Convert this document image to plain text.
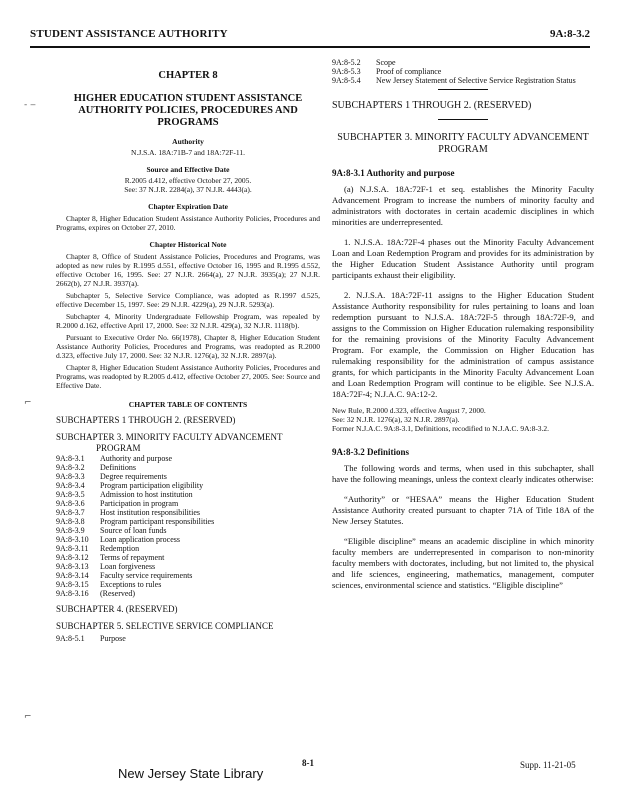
STUDENT ASSISTANCE AUTHORITY	9A:8-3.2
‑ ‒
⌐
⌐

CHAPTER 8

HIGHER EDUCATION STUDENT ASSISTANCE AUTHORITY POLICIES, PROCEDURES AND PROGRAMS

Authority

N.J.S.A. 18A:71B-7 and 18A:72F-11.

Source and Effective Date

R.2005 d.412, effective October 27, 2005.

See: 37 N.J.R. 2284(a), 37 N.J.R. 4443(a).

Chapter Expiration Date

Chapter 8, Higher Education Student Assistance Authority Policies, Procedures and Programs, expires on October 27, 2010.

Chapter Historical Note

Chapter 8, Office of Student Assistance Policies, Procedures and Programs, was adopted as new rules by R.1995 d.551, effective October 16, 1995 and R.1995 d.552, effective October 16, 1995. See: 27 N.J.R. 2664(a), 27 N.J.R. 3935(a); 27 N.J.R. 2662(b), 27 N.J.R. 3937(a).

Subchapter 5, Selective Service Compliance, was adopted as R.1997 d.525, effective December 15, 1997. See: 29 N.J.R. 4229(a), 29 N.J.R. 5293(a).

Subchapter 4, Minority Undergraduate Fellowship Program, was repealed by R.2000 d.162, effective April 17, 2000. See: 32 N.J.R. 429(a), 32 N.J.R. 1118(b).

Pursuant to Executive Order No. 66(1978), Chapter 8, Higher Education Student Assistance Authority Policies, Procedures and Programs, was readopted as R.2000 d.323, effective July 17, 2000. See: 32 N.J.R. 1276(a), 32 N.J.R. 2897(a).

Chapter 8, Higher Education Student Assistance Authority Policies, Procedures and Programs, was readopted by R.2005 d.412, effective October 27, 2005. See: Source and Effective Date.

CHAPTER TABLE OF CONTENTS

SUBCHAPTERS 1 THROUGH 2. (RESERVED)

SUBCHAPTER 3. MINORITY FACULTY ADVANCEMENT

PROGRAM

9A:8-3.1	Authority and purpose
9A:8-3.2	Definitions
9A:8-3.3	Degree requirements
9A:8-3.4	Program participation eligibility
9A:8-3.5	Admission to host institution
9A:8-3.6	Participation in program
9A:8-3.7	Host institution responsibilities
9A:8-3.8	Program participant responsibilities
9A:8-3.9	Source of loan funds
9A:8-3.10	Loan application process
9A:8-3.11	Redemption
9A:8-3.12	Terms of repayment
9A:8-3.13	Loan forgiveness
9A:8-3.14	Faculty service requirements
9A:8-3.15	Exceptions to rules
9A:8-3.16	(Reserved)

SUBCHAPTER 4. (RESERVED)

SUBCHAPTER 5. SELECTIVE SERVICE COMPLIANCE

9A:8-5.1	Purpose
9A:8-5.2	Scope
9A:8-5.3	Proof of compliance
9A:8-5.4	New Jersey Statement of Selective Service Registration Status

SUBCHAPTERS 1 THROUGH 2. (RESERVED)

SUBCHAPTER 3. MINORITY FACULTY ADVANCEMENT PROGRAM

9A:8-3.1 Authority and purpose

(a) N.J.S.A. 18A:72F-1 et seq. establishes the Minority Faculty Advancement Program to increase the numbers of minority faculty and administrators with doctorates in certain academic disciplines in which minorities are underrepresented.

1. N.J.S.A. 18A:72F-4 phases out the Minority Faculty Advancement Loan and Loan Redemption Program and provides for its administration by the Higher Education Student Assistance Authority until program participants exhaust their eligibility.

2. N.J.S.A. 18A:72F-11 assigns to the Higher Education Student Assistance Authority responsibility for rules pertaining to loans and loan redemption pursuant to N.J.S.A. 18A:72F-5 through 18A:72F-9, and assigns to the Commission on Higher Education rulemaking responsibility for the remaining provisions of the Minority Faculty Advancement Program. For example, the Commission on Higher Education has rulemaking responsibility for the administration of campus assistance grants, for which participants in the Minority Faculty Advancement Loan and Loan Redemption Program will continue to be eligible. See N.J.S.A. 18A:72F-4; N.J.A.C. 9A:12-2.

New Rule, R.2000 d.323, effective August 7, 2000.

See: 32 N.J.R. 1276(a), 32 N.J.R. 2897(a).

Former N.J.A.C. 9A:8-3.1, Definitions, recodified to N.J.A.C. 9A:8-3.2.

9A:8-3.2 Definitions

The following words and terms, when used in this subchapter, shall have the following meanings, unless the context clearly indicates otherwise:

“Authority” or “HESAA” means the Higher Education Student Assistance Authority created pursuant to chapter 71A of Title 18A of the New Jersey Statutes.

“Eligible discipline” means an academic discipline in which minority faculty members are underrepresented in comparison to non-minority faculty members with doctorates, including, but not limited to, the physical and life sciences, engineering, mathematics, management, computer sciences, environmental science and statistics. “Eligible discipline”

8-1	Supp. 11-21-05
New Jersey State Library
